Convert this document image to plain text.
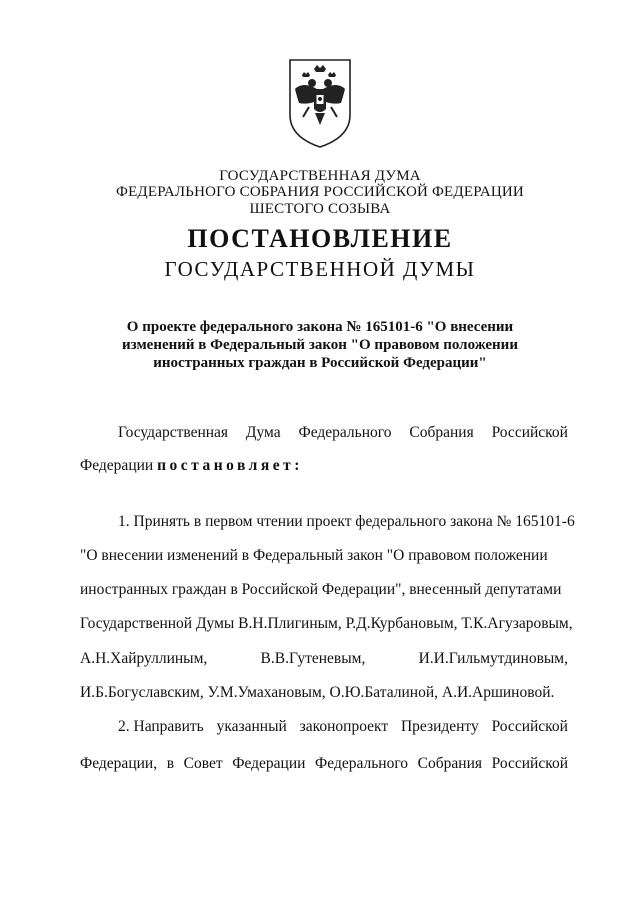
ГОСУДАРСТВЕННАЯ ДУМА
ФЕДЕРАЛЬНОГО СОБРАНИЯ РОССИЙСКОЙ ФЕДЕРАЦИИ
ШЕСТОГО СОЗЫВА
ПОСТАНОВЛЕНИЕ
ГОСУДАРСТВЕННОЙ ДУМЫ
О проекте федерального закона № 165101-6 "О внесении
изменений в Федеральный закон "О правовом положении
иностранных граждан в Российской Федерации"
Государственная Дума Федерального Собрания Российской
Федерации постановляет:
1. Принять в первом чтении проект федерального закона № 165101-6
"О внесении изменений в Федеральный закон "О правовом положении
иностранных граждан в Российской Федерации", внесенный депутатами
Государственной Думы В.Н.Плигиным, Р.Д.Курбановым, Т.К.Агузаровым,
А.Н.Хайруллиным,	В.В.Гутеневым,	И.И.Гильмутдиновым,
И.Б.Богуславским, У.М.Умахановым, О.Ю.Баталиной, А.И.Аршиновой.
2. Направить указанный законопроект Президенту Российской
Федерации, в Совет Федерации Федерального Собрания Российской
